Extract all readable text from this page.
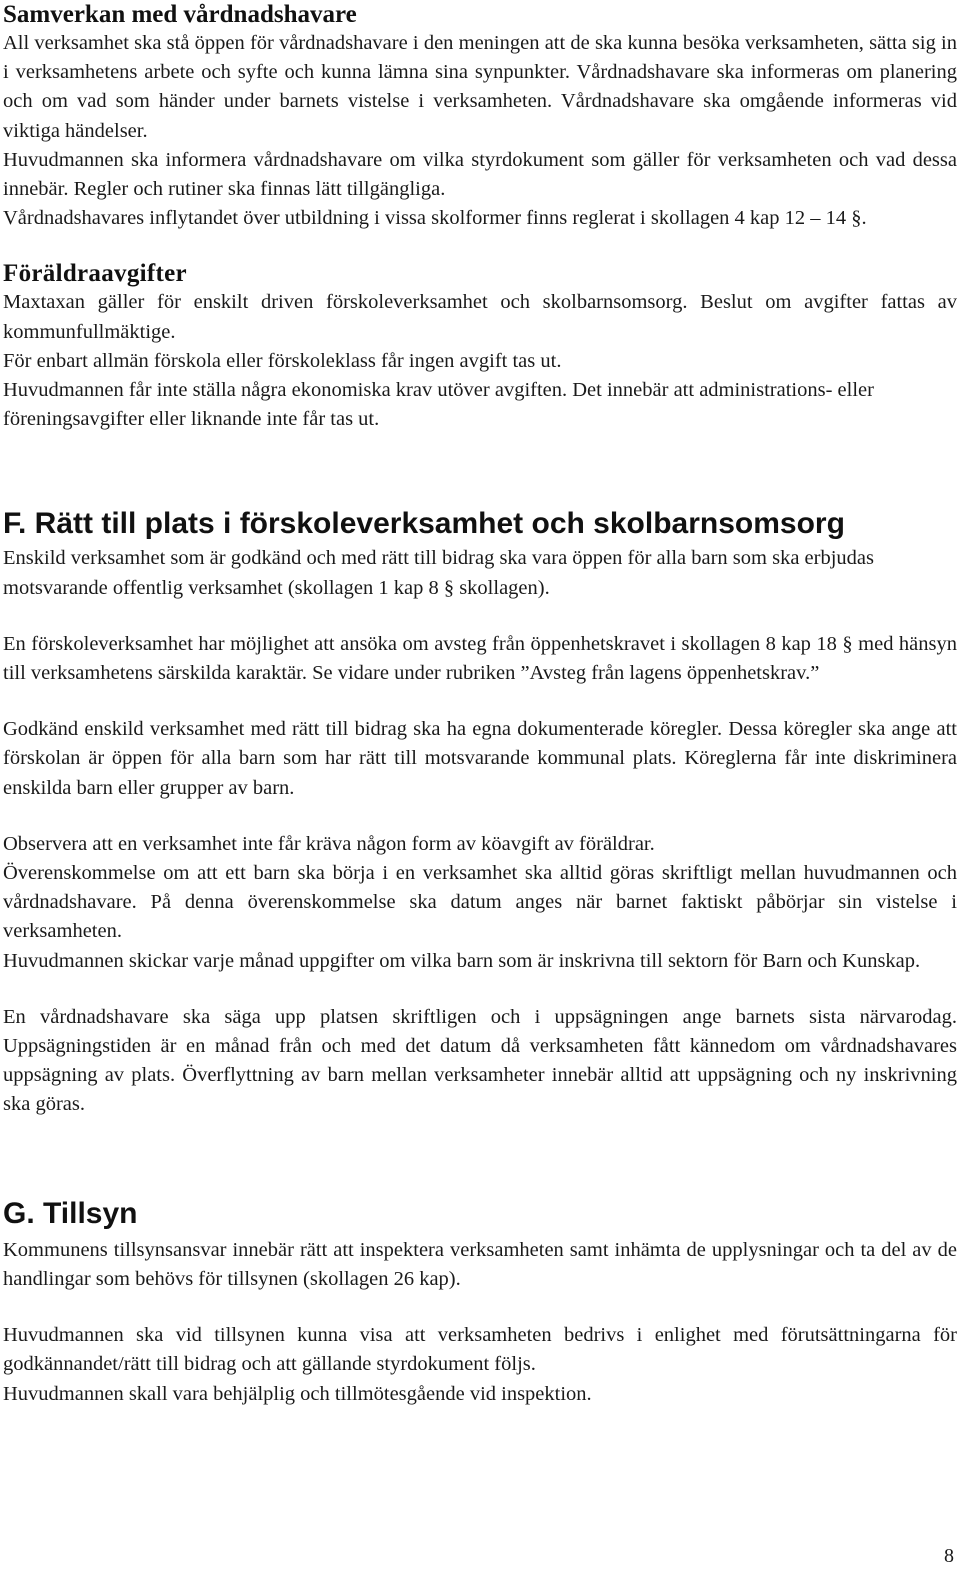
Samverkan med vårdnadshavare

All verksamhet ska stå öppen för vårdnadshavare i den meningen att de ska kunna besöka verksamheten, sätta sig in i verksamhetens arbete och syfte och kunna lämna sina synpunkter. Vårdnadshavare ska informeras om planering och om vad som händer under barnets vistelse i verksamheten. Vårdnadshavare ska omgående informeras vid viktiga händelser.

Huvudmannen ska informera vårdnadshavare om vilka styrdokument som gäller för verksamheten och vad dessa innebär. Regler och rutiner ska finnas lätt tillgängliga.

Vårdnadshavares inflytandet över utbildning i vissa skolformer finns reglerat i skollagen 4 kap 12 – 14 §.

Föräldraavgifter

Maxtaxan gäller för enskilt driven förskoleverksamhet och skolbarnsomsorg. Beslut om avgifter fattas av kommunfullmäktige.

För enbart allmän förskola eller förskoleklass får ingen avgift tas ut.

Huvudmannen får inte ställa några ekonomiska krav utöver avgiften. Det innebär att administrations- eller föreningsavgifter eller liknande inte får tas ut.

F. Rätt till plats i förskoleverksamhet och skolbarnsomsorg

Enskild verksamhet som är godkänd och med rätt till bidrag ska vara öppen för alla barn som ska erbjudas motsvarande offentlig verksamhet (skollagen 1 kap 8 § skollagen).

En förskoleverksamhet har möjlighet att ansöka om avsteg från öppenhetskravet i skollagen 8 kap 18 § med hänsyn till verksamhetens särskilda karaktär. Se vidare under rubriken ”Avsteg från lagens öppenhetskrav.”

Godkänd enskild verksamhet med rätt till bidrag ska ha egna dokumenterade köregler. Dessa köregler ska ange att förskolan är öppen för alla barn som har rätt till motsvarande kommunal plats. Köreglerna får inte diskriminera enskilda barn eller grupper av barn.

Observera att en verksamhet inte får kräva någon form av köavgift av föräldrar.

Överenskommelse om att ett barn ska börja i en verksamhet ska alltid göras skriftligt mellan huvudmannen och vårdnadshavare. På denna överenskommelse ska datum anges när barnet faktiskt påbörjar sin vistelse i verksamheten.

Huvudmannen skickar varje månad uppgifter om vilka barn som är inskrivna till sektorn för Barn och Kunskap.

En vårdnadshavare ska säga upp platsen skriftligen och i uppsägningen ange barnets sista närvarodag. Uppsägningstiden är en månad från och med det datum då verksamheten fått kännedom om vårdnadshavares uppsägning av plats. Överflyttning av barn mellan verksamheter innebär alltid att uppsägning och ny inskrivning ska göras.

G. Tillsyn

Kommunens tillsynsansvar innebär rätt att inspektera verksamheten samt inhämta de upplysningar och ta del av de handlingar som behövs för tillsynen (skollagen 26 kap).

Huvudmannen ska vid tillsynen kunna visa att verksamheten bedrivs i enlighet med förutsättningarna för godkännandet/rätt till bidrag och att gällande styrdokument följs.

Huvudmannen skall vara behjälplig och tillmötesgående vid inspektion.

8
